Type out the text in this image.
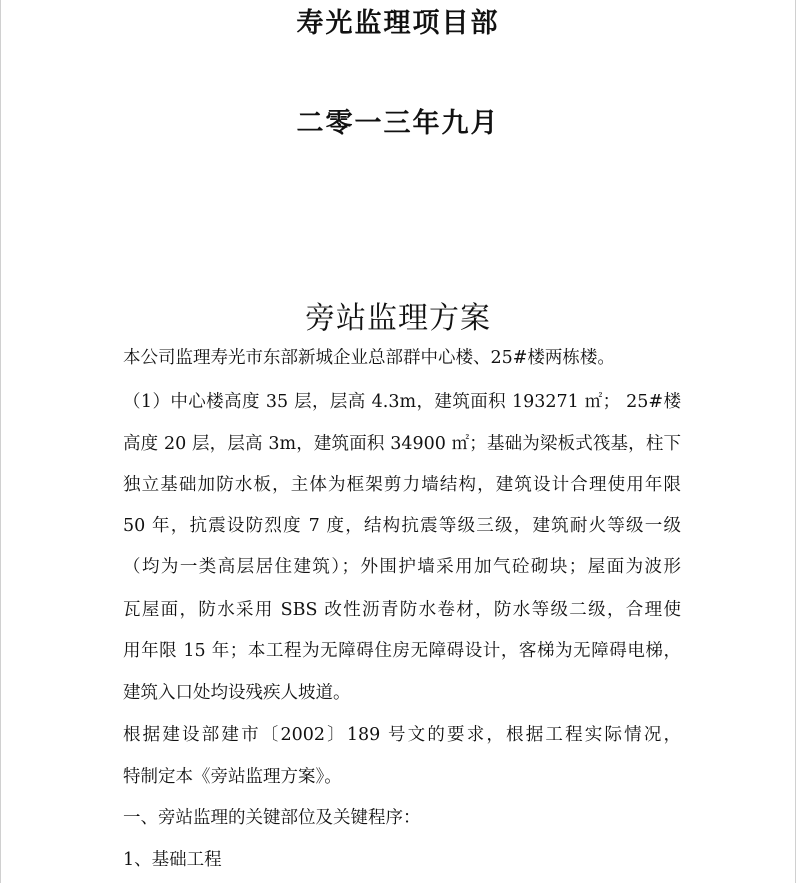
寿光监理项目部
二零一三年九月
旁站监理方案
本公司监理寿光市东部新城企业总部群中心楼、25#楼两栋楼。
（1）中心楼高度 35 层，层高 4.3m，建筑面积 193271 ㎡； 25#楼
高度 20 层，层高 3m，建筑面积 34900 ㎡；基础为梁板式筏基，柱下
独立基础加防水板，主体为框架剪力墙结构，建筑设计合理使用年限
50 年，抗震设防烈度 7 度，结构抗震等级三级，建筑耐火等级一级
（均为一类高层居住建筑）；外围护墙采用加气砼砌块；屋面为波形
瓦屋面，防水采用 SBS 改性沥青防水卷材，防水等级二级，合理使
用年限 15 年；本工程为无障碍住房无障碍设计，客梯为无障碍电梯，
建筑入口处均设残疾人坡道。
根据建设部建市〔2002〕189 号文的要求，根据工程实际情况，
特制定本《旁站监理方案》。
一、旁站监理的关键部位及关键程序：
1、基础工程
